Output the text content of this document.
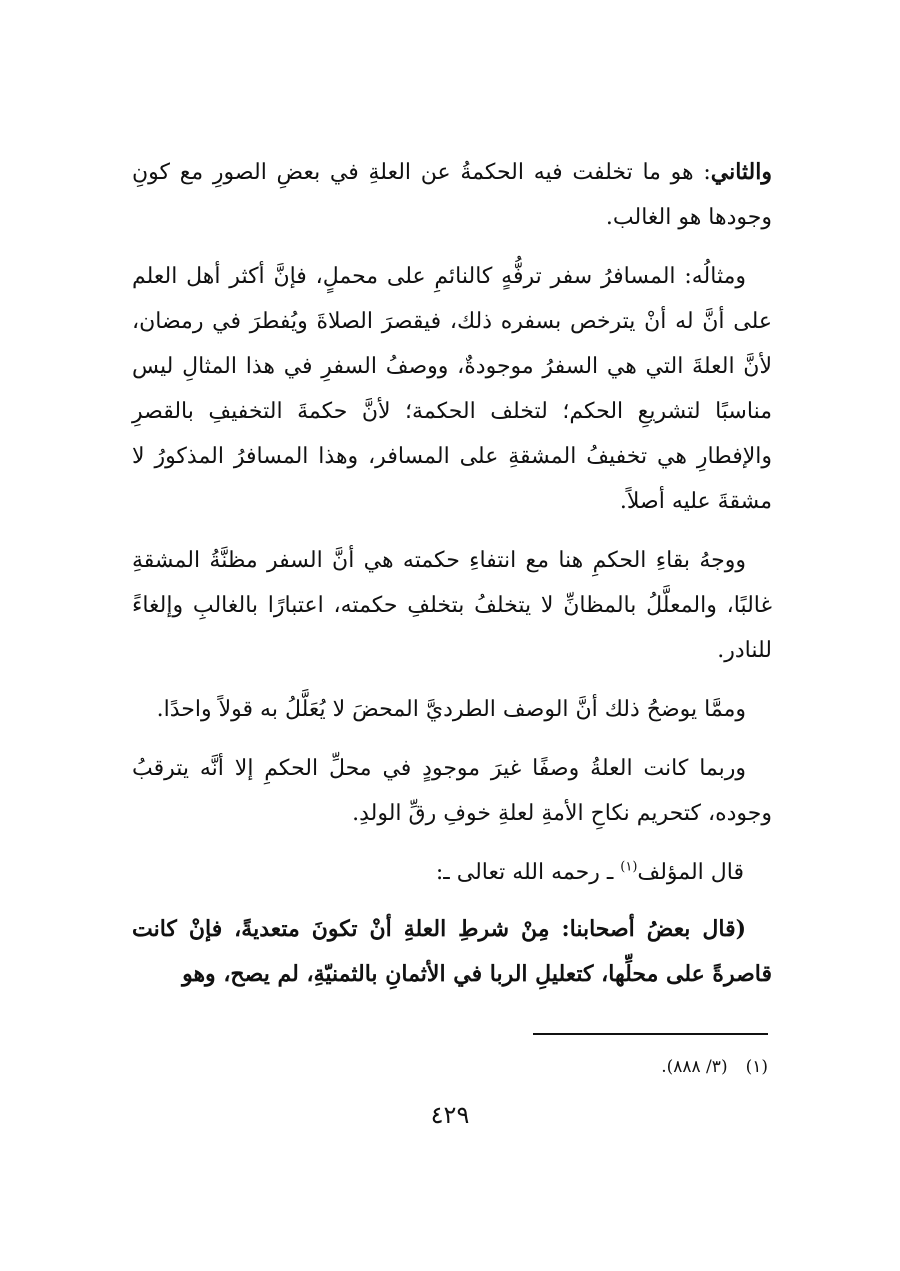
والثاني: هو ما تخلفت فيه الحكمةُ عن العلةِ في بعضِ الصورِ مع كونِ وجودها هو الغالب.

ومثالُه: المسافرُ سفر ترفُّهٍ كالنائمِ على محملٍ، فإنَّ أكثر أهل العلم على أنَّ له أنْ يترخص بسفره ذلك، فيقصرَ الصلاةَ ويُفطرَ في رمضان، لأنَّ العلةَ التي هي السفرُ موجودةٌ، ووصفُ السفرِ في هذا المثالِ ليس مناسبًا لتشريعِ الحكم؛ لتخلف الحكمة؛ لأنَّ حكمةَ التخفيفِ بالقصرِ والإفطارِ هي تخفيفُ المشقةِ على المسافر، وهذا المسافرُ المذكورُ لا مشقةَ عليه أصلاً.

ووجهُ بقاءِ الحكمِ هنا مع انتفاءِ حكمته هي أنَّ السفر مظنَّةُ المشقةِ غالبًا، والمعلَّلُ بالمظانِّ لا يتخلفُ بتخلفِ حكمته، اعتبارًا بالغالبِ وإلغاءً للنادر.

وممَّا يوضحُ ذلك أنَّ الوصف الطرديَّ المحضَ لا يُعَلَّلُ به قولاً واحدًا.

وربما كانت العلةُ وصفًا غيرَ موجودٍ في محلِّ الحكمِ إلا أنَّه يترقبُ وجوده، كتحريم نكاحِ الأمةِ لعلةِ خوفِ رقِّ الولدِ.

قال المؤلف$^{(١)}$ ـ رحمه الله تعالى ـ:

(قال بعضُ أصحابنا: مِنْ شرطِ العلةِ أنْ تكونَ متعديةً، فإنْ كانت قاصرةً على محلِّها، كتعليلِ الربا في الأثمانِ بالثمنيّةِ، لم يصح، وهو

(١)(٣/ ٨٨٨).
٤٢٩
